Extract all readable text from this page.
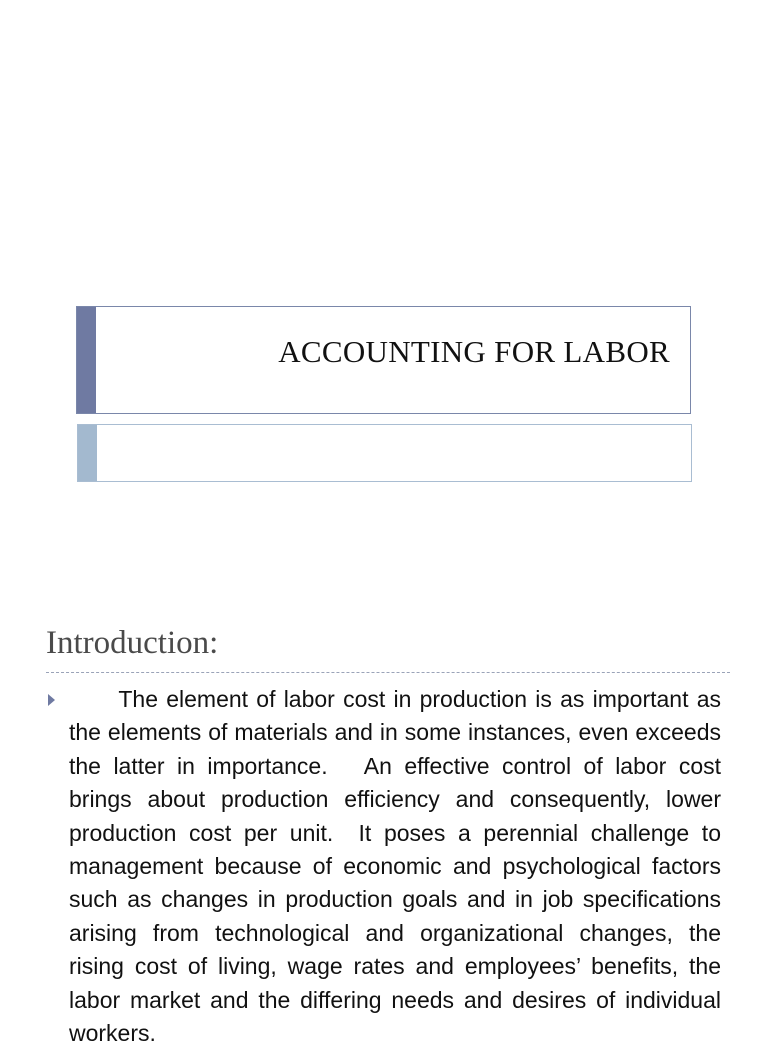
ACCOUNTING FOR LABOR
Introduction:
The element of labor cost in production is as important as the elements of materials and in some instances, even exceeds the latter in importance.   An effective control of labor cost brings about production efficiency and consequently, lower production cost per unit.  It poses a perennial challenge to management because of economic and psychological factors such as changes in production goals and in job specifications arising from technological and organizational changes, the rising cost of living, wage rates and employees’ benefits, the labor market and the differing needs and desires of individual workers.
